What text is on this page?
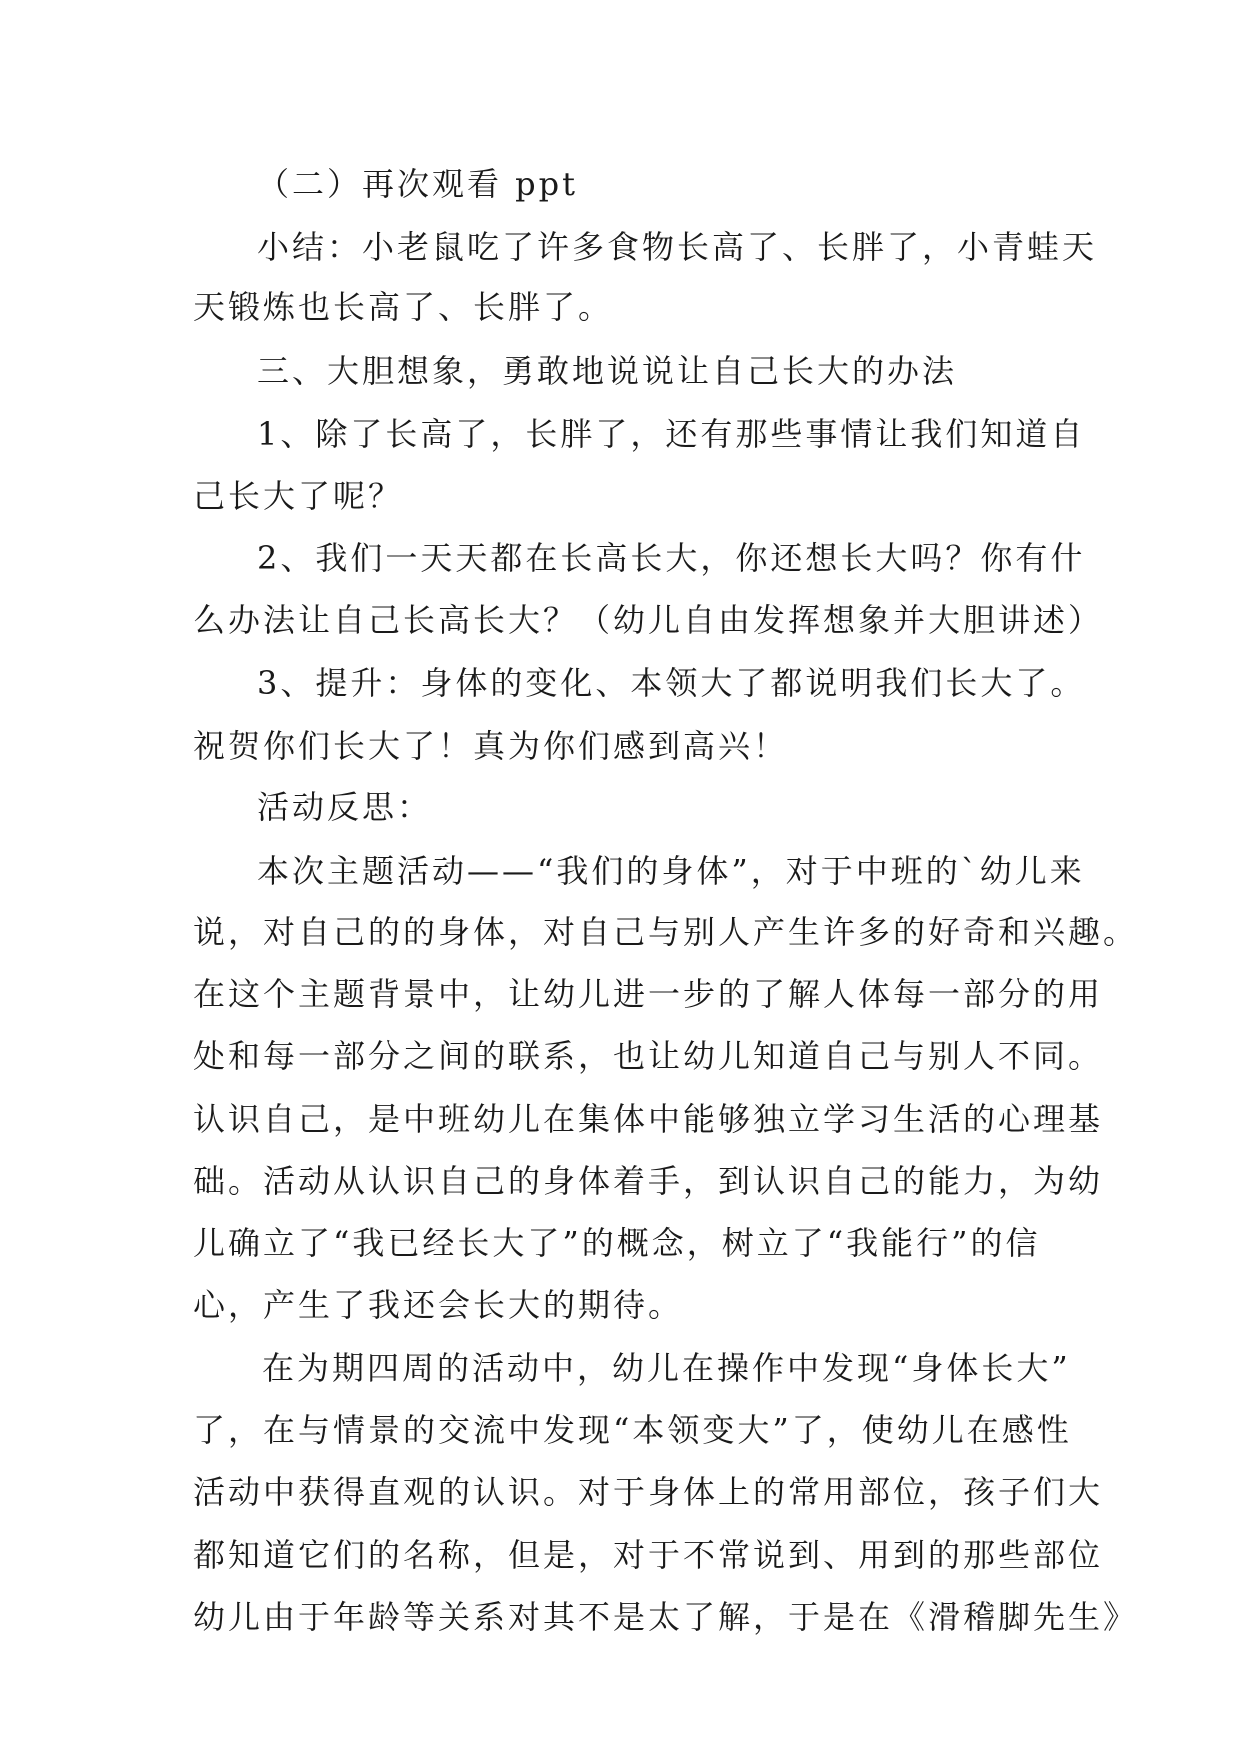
（二）再次观看 ppt

小结：小老鼠吃了许多食物长高了、长胖了，小青蛙天

天锻炼也长高了、长胖了。

三、大胆想象，勇敢地说说让自己长大的办法

1、除了长高了，长胖了，还有那些事情让我们知道自

己长大了呢？

2、我们一天天都在长高长大，你还想长大吗？你有什

么办法让自己长高长大？（幼儿自由发挥想象并大胆讲述）

3、提升：身体的变化、本领大了都说明我们长大了。

祝贺你们长大了！真为你们感到高兴！

活动反思：

本次主题活动——“我们的身体”，对于中班的`幼儿来

说，对自己的的身体，对自己与别人产生许多的好奇和兴趣。

在这个主题背景中，让幼儿进一步的了解人体每一部分的用

处和每一部分之间的联系，也让幼儿知道自己与别人不同。

认识自己，是中班幼儿在集体中能够独立学习生活的心理基

础。活动从认识自己的身体着手，到认识自己的能力，为幼

儿确立了“我已经长大了”的概念，树立了“我能行”的信

心，产生了我还会长大的期待。

在为期四周的活动中，幼儿在操作中发现“身体长大”

了，在与情景的交流中发现“本领变大”了，使幼儿在感性

活动中获得直观的认识。对于身体上的常用部位，孩子们大

都知道它们的名称，但是，对于不常说到、用到的那些部位

幼儿由于年龄等关系对其不是太了解，于是在《滑稽脚先生》
